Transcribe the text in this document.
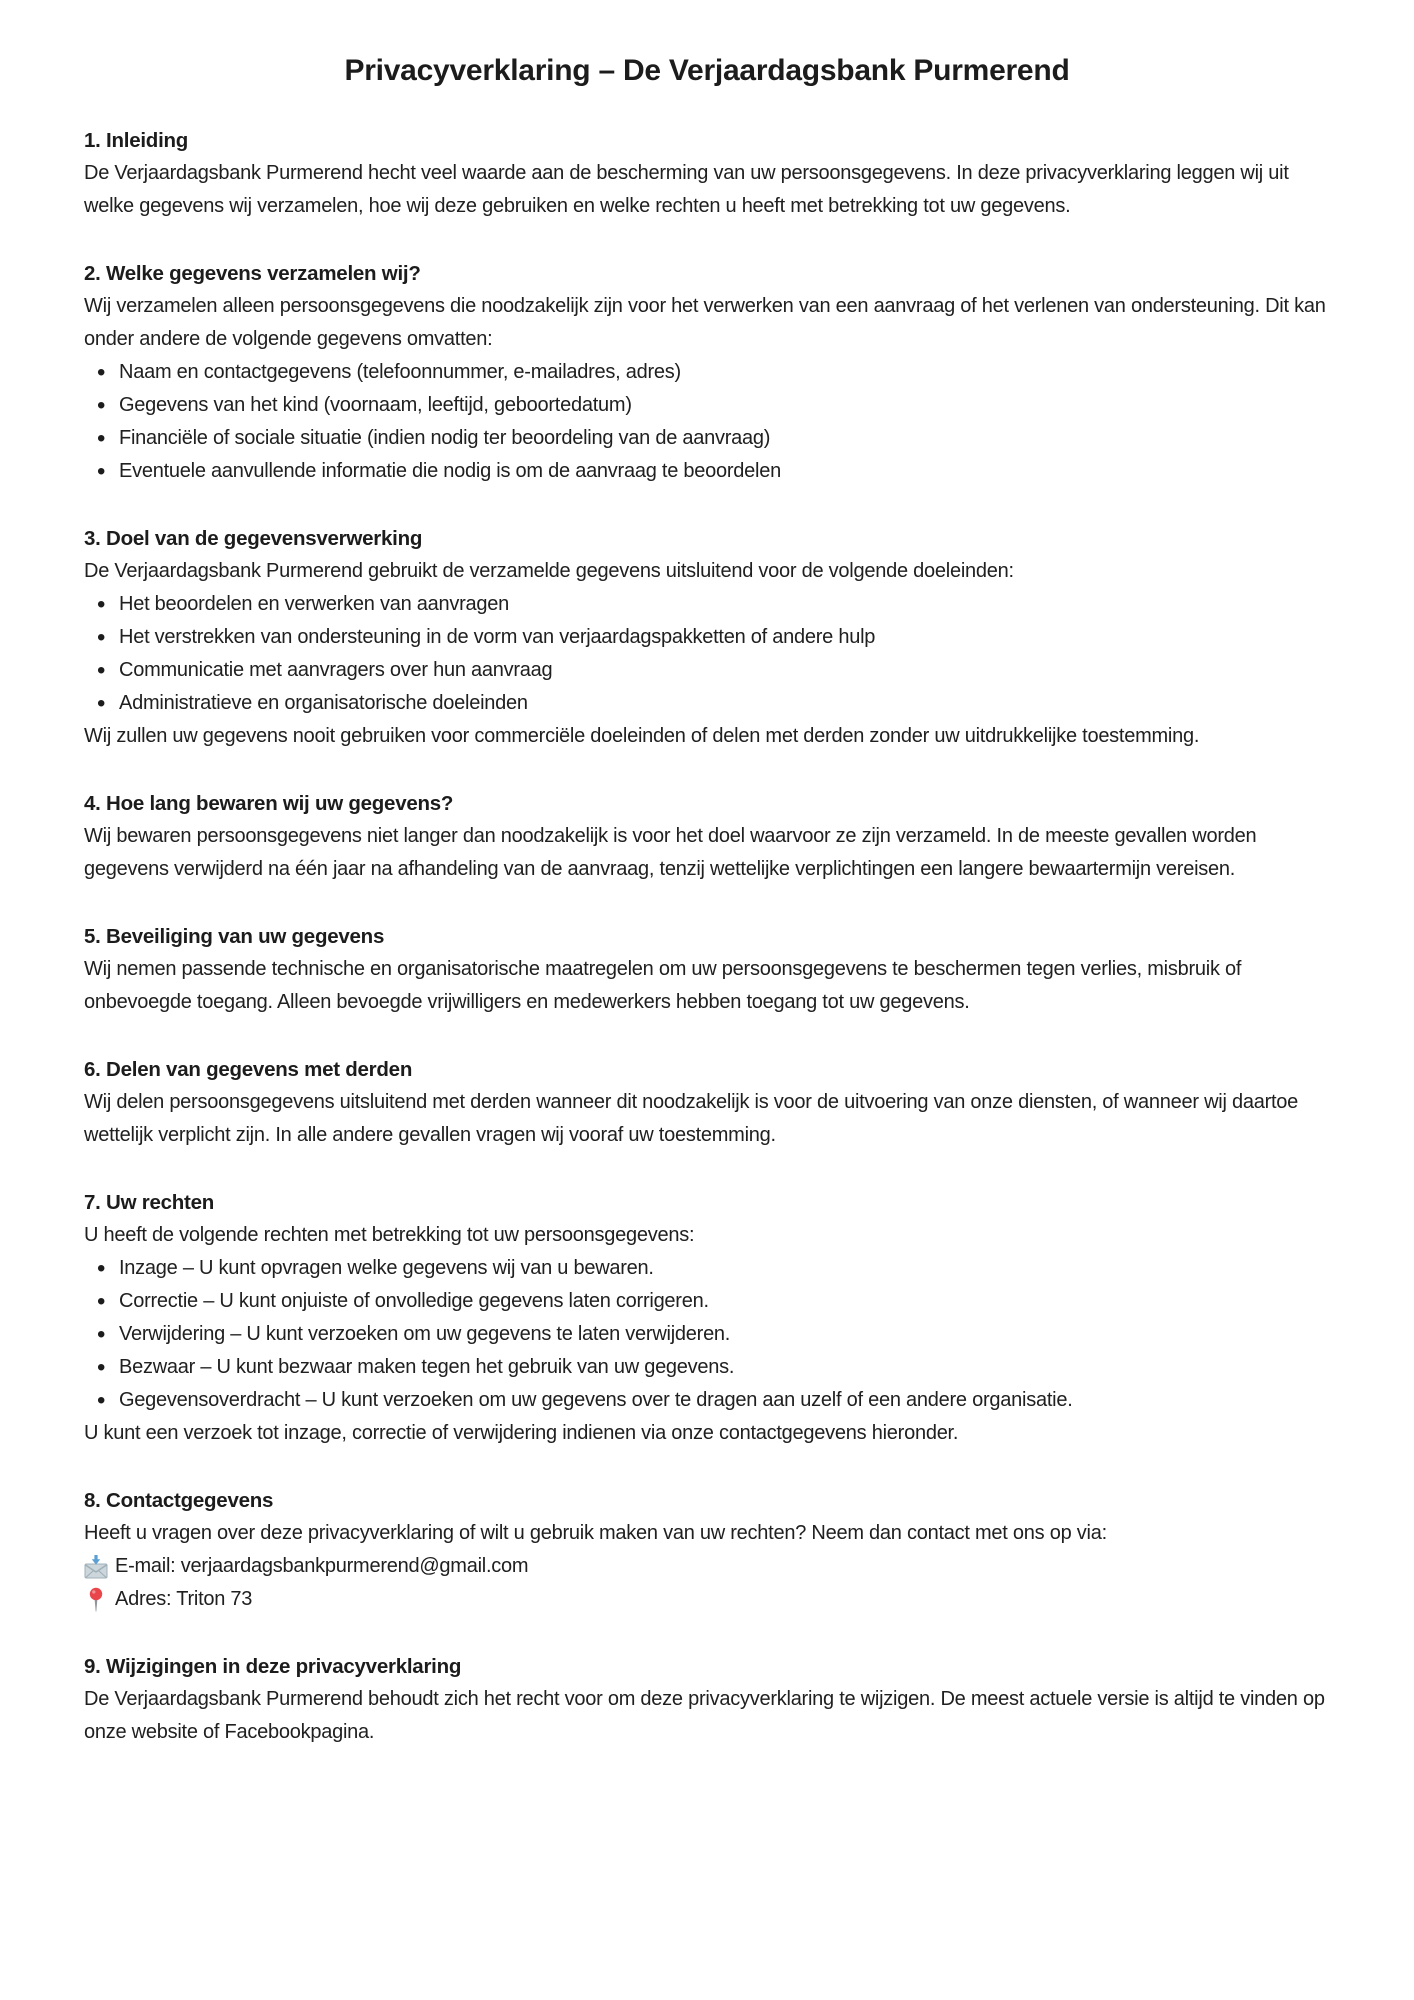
Privacyverklaring – De Verjaardagsbank Purmerend
1. Inleiding

De Verjaardagsbank Purmerend hecht veel waarde aan de bescherming van uw persoonsgegevens. In deze privacyverklaring leggen wij uit welke gegevens wij verzamelen, hoe wij deze gebruiken en welke rechten u heeft met betrekking tot uw gegevens.

2. Welke gegevens verzamelen wij?

Wij verzamelen alleen persoonsgegevens die noodzakelijk zijn voor het verwerken van een aanvraag of het verlenen van ondersteuning. Dit kan onder andere de volgende gegevens omvatten:

• Naam en contactgegevens (telefoonnummer, e-mailadres, adres)
• Gegevens van het kind (voornaam, leeftijd, geboortedatum)
• Financiële of sociale situatie (indien nodig ter beoordeling van de aanvraag)
• Eventuele aanvullende informatie die nodig is om de aanvraag te beoordelen
3. Doel van de gegevensverwerking

De Verjaardagsbank Purmerend gebruikt de verzamelde gegevens uitsluitend voor de volgende doeleinden:

• Het beoordelen en verwerken van aanvragen
• Het verstrekken van ondersteuning in de vorm van verjaardagspakketten of andere hulp
• Communicatie met aanvragers over hun aanvraag
• Administratieve en organisatorische doeleinden

Wij zullen uw gegevens nooit gebruiken voor commerciële doeleinden of delen met derden zonder uw uitdrukkelijke toestemming.

4. Hoe lang bewaren wij uw gegevens?

Wij bewaren persoonsgegevens niet langer dan noodzakelijk is voor het doel waarvoor ze zijn verzameld. In de meeste gevallen worden gegevens verwijderd na één jaar na afhandeling van de aanvraag, tenzij wettelijke verplichtingen een langere bewaartermijn vereisen.

5. Beveiliging van uw gegevens

Wij nemen passende technische en organisatorische maatregelen om uw persoonsgegevens te beschermen tegen verlies, misbruik of onbevoegde toegang. Alleen bevoegde vrijwilligers en medewerkers hebben toegang tot uw gegevens.

6. Delen van gegevens met derden

Wij delen persoonsgegevens uitsluitend met derden wanneer dit noodzakelijk is voor de uitvoering van onze diensten, of wanneer wij daartoe wettelijk verplicht zijn. In alle andere gevallen vragen wij vooraf uw toestemming.

7. Uw rechten

U heeft de volgende rechten met betrekking tot uw persoonsgegevens:

• Inzage – U kunt opvragen welke gegevens wij van u bewaren.
• Correctie – U kunt onjuiste of onvolledige gegevens laten corrigeren.
• Verwijdering – U kunt verzoeken om uw gegevens te laten verwijderen.
• Bezwaar – U kunt bezwaar maken tegen het gebruik van uw gegevens.
• Gegevensoverdracht – U kunt verzoeken om uw gegevens over te dragen aan uzelf of een andere organisatie.

U kunt een verzoek tot inzage, correctie of verwijdering indienen via onze contactgegevens hieronder.

8. Contactgegevens

Heeft u vragen over deze privacyverklaring of wilt u gebruik maken van uw rechten? Neem dan contact met ons op via:

E-mail: verjaardagsbankpurmerend@gmail.com
Adres: Triton 73
9. Wijzigingen in deze privacyverklaring

De Verjaardagsbank Purmerend behoudt zich het recht voor om deze privacyverklaring te wijzigen. De meest actuele versie is altijd te vinden op onze website of Facebookpagina.
